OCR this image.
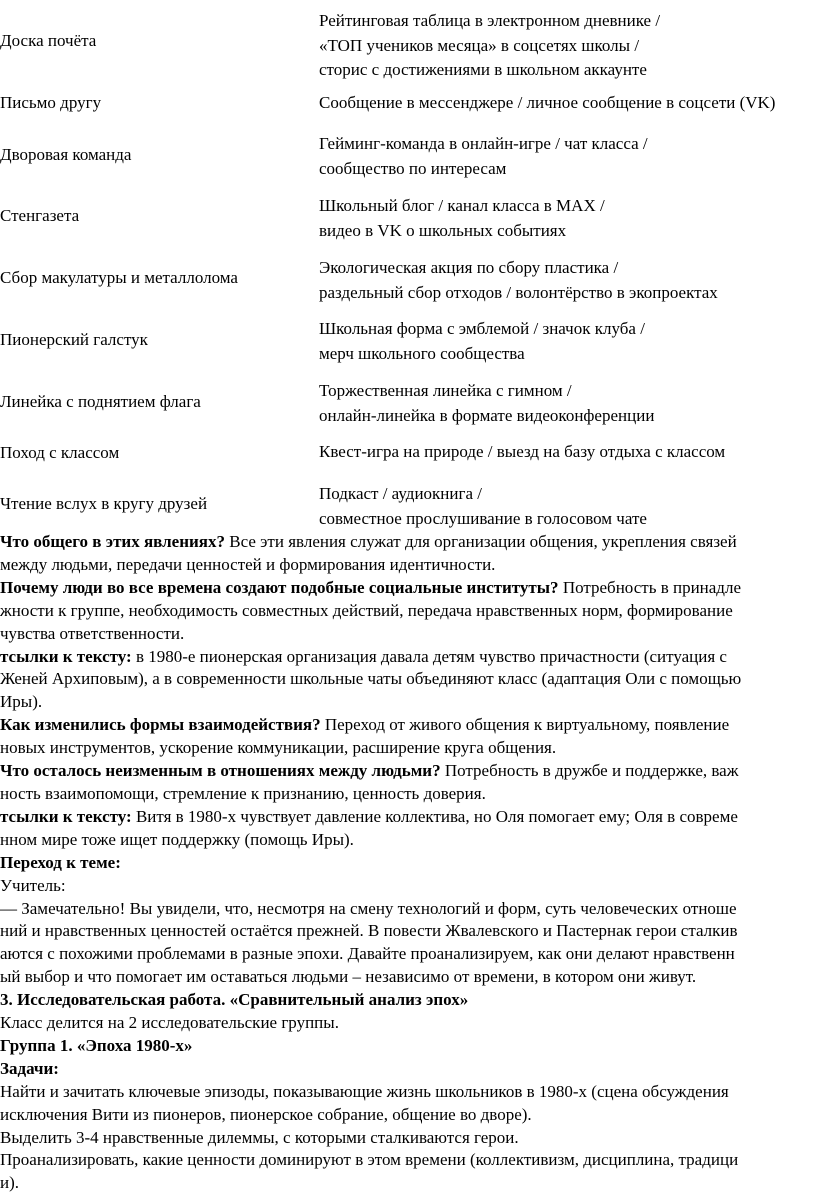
Доска почёта
Рейтинговая таблица в электронном дневнике /
«ТОП учеников месяца» в соцсетях школы /
сторис с достижениями в школьном аккаунте
Письмо другу	Сообщение в мессенджере / личное сообщение в соцсети (VK)
Дворовая команда
Гейминг-команда в онлайн-игре / чат класса /
сообщество по интересам
Стенгазета
Школьный блог / канал класса в MAX /
видео в VK о школьных событиях
Сбор макулатуры и металлолома
Экологическая акция по сбору пластика /
раздельный сбор отходов / волонтёрство в экопроектах
Пионерский галстук
Школьная форма с эмблемой / значок клуба /
мерч школьного сообщества
Линейка с поднятием флага
Торжественная линейка с гимном /
онлайн-линейка в формате видеоконференции
Поход с классом	Квест-игра на природе / выезд на базу отдыха с классом
Чтение вслух в кругу друзей
Подкаст / аудиокнига /
совместное прослушивание в голосовом чате
Что общего в этих явлениях? Все эти явления служат для организации общения, укрепления связей
между людьми, передачи ценностей и формирования идентичности.
Почему люди во все времена создают подобные социальные институты? Потребность в принадле
жности к группе, необходимость совместных действий, передача нравственных норм, формирование
чувства ответственности.
тсылки к тексту: в 1980-е пионерская организация давала детям чувство причастности (ситуация с
Женей Архиповым), а в современности школьные чаты объединяют класс (адаптация Оли с помощью
Иры).
Как изменились формы взаимодействия? Переход от живого общения к виртуальному, появление
новых инструментов, ускорение коммуникации, расширение круга общения.
Что осталось неизменным в отношениях между людьми? Потребность в дружбе и поддержке, важ
ность взаимопомощи, стремление к признанию, ценность доверия.
тсылки к тексту: Витя в 1980-х чувствует давление коллектива, но Оля помогает ему; Оля в совреме
нном мире тоже ищет поддержку (помощь Иры).
Переход к теме:
Учитель:
— Замечательно! Вы увидели, что, несмотря на смену технологий и форм, суть человеческих отноше
ний и нравственных ценностей остаётся прежней. В повести Жвалевского и Пастернак герои сталкив
аются с похожими проблемами в разные эпохи. Давайте проанализируем, как они делают нравственн
ый выбор и что помогает им оставаться людьми – независимо от времени, в котором они живут.
3. Исследовательская работа. «Сравнительный анализ эпох»
Класс делится на 2 исследовательские группы.
Группа 1. «Эпоха 1980-х»
Задачи:
Найти и зачитать ключевые эпизоды, показывающие жизнь школьников в 1980-х (сцена обсуждения
исключения Вити из пионеров, пионерское собрание, общение во дворе).
Выделить 3-4 нравственные дилеммы, с которыми сталкиваются герои.
Проанализировать, какие ценности доминируют в этом времени (коллективизм, дисциплина, традици
и).
